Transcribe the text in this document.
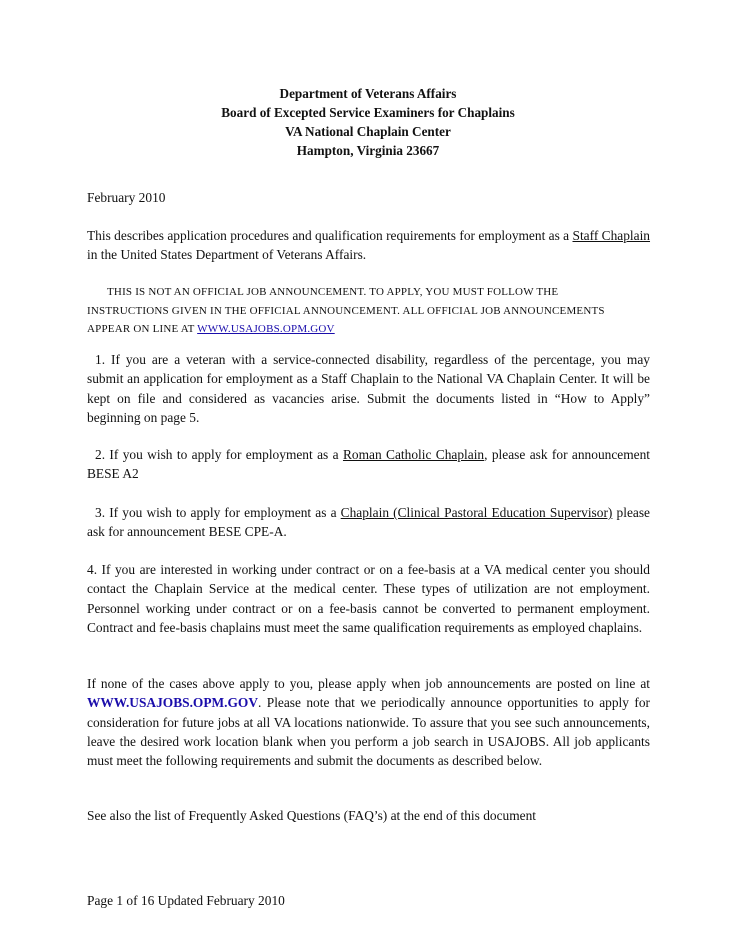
Department of Veterans Affairs
Board of Excepted Service Examiners for Chaplains
VA National Chaplain Center
Hampton, Virginia 23667
February 2010
This describes application procedures and qualification requirements for employment as a Staff Chaplain in the United States Department of Veterans Affairs.
THIS IS NOT AN OFFICIAL JOB ANNOUNCEMENT. TO APPLY, YOU MUST FOLLOW THE
INSTRUCTIONS GIVEN IN THE OFFICIAL ANNOUNCEMENT. ALL OFFICIAL JOB ANNOUNCEMENTS
APPEAR ON LINE AT WWW.USAJOBS.OPM.GOV
1. If you are a veteran with a service-connected disability, regardless of the percentage, you may submit an application for employment as a Staff Chaplain to the National VA Chaplain Center. It will be kept on file and considered as vacancies arise. Submit the documents listed in “How to Apply” beginning on page 5.
2. If you wish to apply for employment as a Roman Catholic Chaplain, please ask for announcement BESE A2
3. If you wish to apply for employment as a Chaplain (Clinical Pastoral Education Supervisor) please ask for announcement BESE CPE-A.
4. If you are interested in working under contract or on a fee-basis at a VA medical center you should contact the Chaplain Service at the medical center. These types of utilization are not employment. Personnel working under contract or on a fee-basis cannot be converted to permanent employment. Contract and fee-basis chaplains must meet the same qualification requirements as employed chaplains.
If none of the cases above apply to you, please apply when job announcements are posted on line at WWW.USAJOBS.OPM.GOV. Please note that we periodically announce opportunities to apply for consideration for future jobs at all VA locations nationwide. To assure that you see such announcements, leave the desired work location blank when you perform a job search in USAJOBS. All job applicants must meet the following requirements and submit the documents as described below.
See also the list of Frequently Asked Questions (FAQ’s) at the end of this document
Page 1 of 16 Updated February 2010
